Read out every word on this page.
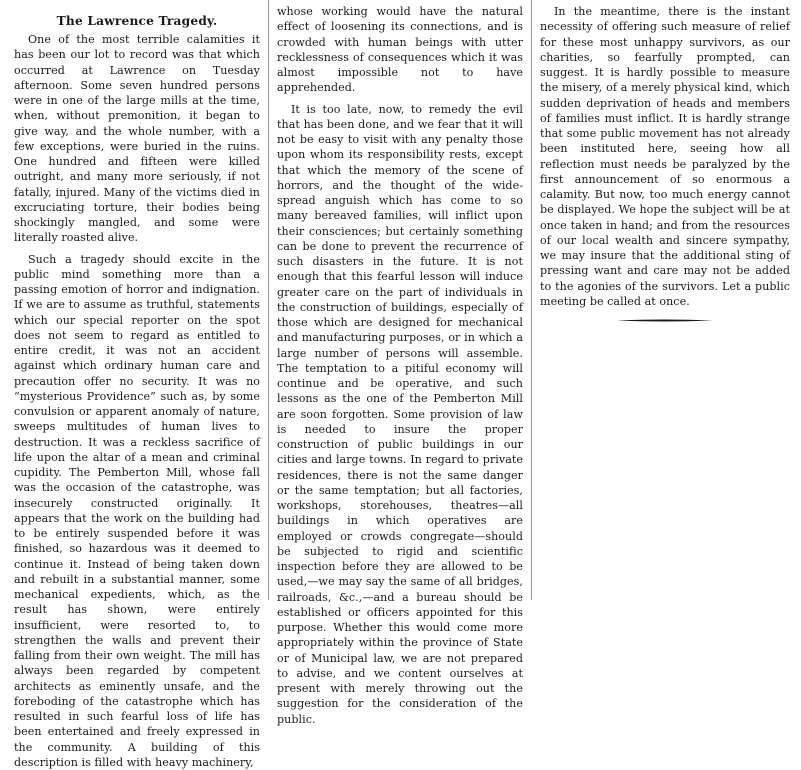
The Lawrence Tragedy.

One of the most terrible calamities it has been our lot to record was that which occurred at Lawrence on Tuesday afternoon. Some seven hundred persons were in one of the large mills at the time, when, without premonition, it began to give way, and the whole number, with a few exceptions, were buried in the ruins. One hundred and fifteen were killed outright, and many more seriously, if not fatally, injured. Many of the victims died in excruciating torture, their bodies being shockingly mangled, and some were literally roasted alive.

Such a tragedy should excite in the public mind something more than a passing emotion of horror and indignation. If we are to assume as truthful, statements which our special reporter on the spot does not seem to regard as entitled to entire credit, it was not an accident against which ordinary human care and precaution offer no security. It was no “mysterious Providence” such as, by some convulsion or apparent anomaly of nature, sweeps multitudes of human lives to destruction. It was a reckless sacrifice of life upon the altar of a mean and criminal cupidity. The Pemberton Mill, whose fall was the occasion of the catastrophe, was insecurely constructed originally. It appears that the work on the building had to be entirely suspended before it was finished, so hazardous was it deemed to continue it. Instead of being taken down and rebuilt in a substantial manner, some mechanical expedients, which, as the result has shown, were entirely insufficient, were resorted to, to strengthen the walls and prevent their falling from their own weight. The mill has always been regarded by competent architects as eminently unsafe, and the foreboding of the catastrophe which has resulted in such fearful loss of life has been entertained and freely expressed in the community. A building of this description is filled with heavy machinery,

whose working would have the natural effect of loosening its connections, and is crowded with human beings with utter recklessness of consequences which it was almost impossible not to have apprehended.

It is too late, now, to remedy the evil that has been done, and we fear that it will not be easy to visit with any penalty those upon whom its responsibility rests, except that which the memory of the scene of horrors, and the thought of the wide-spread anguish which has come to so many bereaved families, will inflict upon their consciences; but certainly something can be done to prevent the recurrence of such disasters in the future. It is not enough that this fearful lesson will induce greater care on the part of individuals in the construction of buildings, especially of those which are designed for mechanical and manufacturing purposes, or in which a large number of persons will assemble. The temptation to a pitiful economy will continue and be operative, and such lessons as the one of the Pemberton Mill are soon forgotten. Some provision of law is needed to insure the proper construction of public buildings in our cities and large towns. In regard to private residences, there is not the same danger or the same temptation; but all factories, workshops, storehouses, theatres—all buildings in which operatives are employed or crowds congregate—should be subjected to rigid and scientific inspection before they are allowed to be used,—we may say the same of all bridges, railroads, &c.,—and a bureau should be established or officers appointed for this purpose. Whether this would come more appropriately within the province of State or of Municipal law, we are not prepared to advise, and we content ourselves at present with merely throwing out the suggestion for the consideration of the public.

In the meantime, there is the instant necessity of offering such measure of relief for these most unhappy survivors, as our charities, so fearfully prompted, can suggest. It is hardly possible to measure the misery, of a merely physical kind, which sudden deprivation of heads and members of families must inflict. It is hardly strange that some public movement has not already been instituted here, seeing how all reflection must needs be paralyzed by the first announcement of so enormous a calamity. But now, too much energy cannot be displayed. We hope the subject will be at once taken in hand; and from the resources of our local wealth and sincere sympathy, we may insure that the additional sting of pressing want and care may not be added to the agonies of the survivors. Let a public meeting be called at once.
